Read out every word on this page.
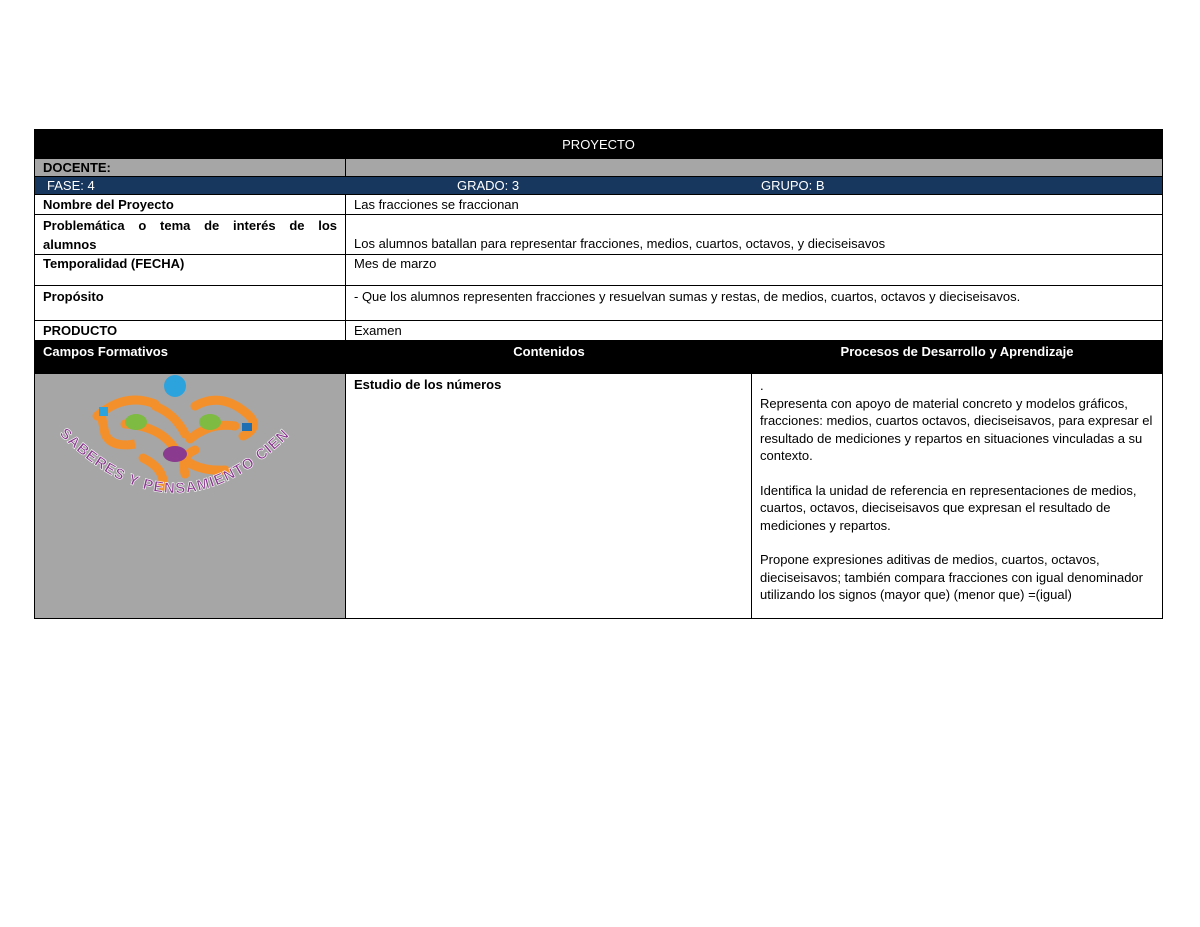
PROYECTO
DOCENTE:
FASE: 4	GRADO: 3	GRUPO: B
Nombre del Proyecto	Las fracciones se fraccionan
Problemática o tema de interés de los
alumnos	Los alumnos batallan para representar fracciones, medios, cuartos, octavos, y dieciseisavos
Temporalidad (FECHA)	Mes de marzo
Propósito	- Que los alumnos representen fracciones y resuelvan sumas y restas, de medios, cuartos, octavos y dieciseisavos.
PRODUCTO	Examen
Campos Formativos	Contenidos	Procesos de Desarrollo y Aprendizaje
SABERES Y PENSAMIENTO CIEN
Estudio de los números	.

Representa con apoyo de material concreto y modelos gráficos, fracciones: medios, cuartos octavos, dieciseisavos, para expresar el resultado de mediciones y repartos en situaciones vinculadas a su contexto.

Identifica la unidad de referencia en representaciones de medios, cuartos, octavos, dieciseisavos que expresan el resultado de mediciones y repartos.

Propone expresiones aditivas de medios, cuartos, octavos, dieciseisavos; también compara fracciones con igual denominador utilizando los signos (mayor que) (menor que) =(igual)
